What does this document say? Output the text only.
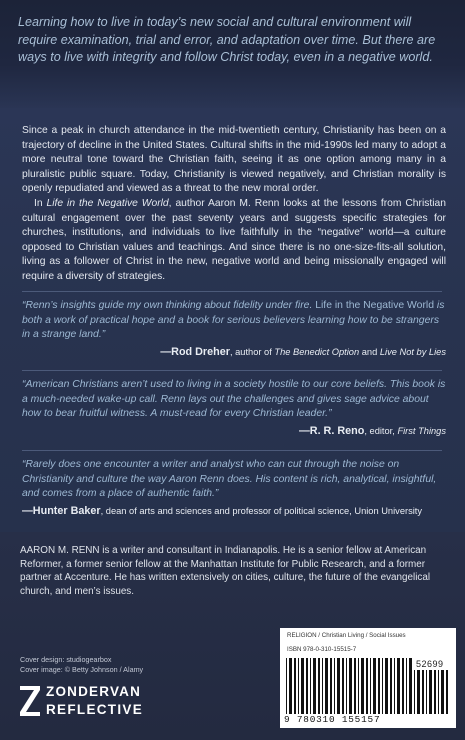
Learning how to live in today’s new social and cultural environment will require examination, trial and error, and adaptation over time. But there are ways to live with integrity and follow Christ today, even in a negative world.

Since a peak in church attendance in the mid-twentieth century, Christianity has been on a trajectory of decline in the United States. Cultural shifts in the mid-1990s led many to adopt a more neutral tone toward the Christian faith, seeing it as one option among many in a pluralistic public square. Today, Christianity is viewed negatively, and Christian morality is openly repudiated and viewed as a threat to the new moral order.

In Life in the Negative World, author Aaron M. Renn looks at the lessons from Christian cultural engagement over the past seventy years and suggests specific strategies for churches, institutions, and individuals to live faithfully in the “negative” world—a culture opposed to Christian values and teachings. And since there is no one-size-fits-all solution, living as a follower of Christ in the new, negative world and being missionally engaged will require a diversity of strategies.

“Renn’s insights guide my own thinking about fidelity under fire. Life in the Negative World is both a work of practical hope and a book for serious believers learning how to be strangers in a strange land.”

—Rod Dreher, author of The Benedict Option and Live Not by Lies

“American Christians aren’t used to living in a society hostile to our core beliefs. This book is a much-needed wake-up call. Renn lays out the challenges and gives sage advice about how to bear fruitful witness. A must-read for every Christian leader.”

—R. R. Reno, editor, First Things

“Rarely does one encounter a writer and analyst who can cut through the noise on Christianity and culture the way Aaron Renn does. His content is rich, analytical, insightful, and comes from a place of authentic faith.”

—Hunter Baker, dean of arts and sciences and professor of political science, Union University

AARON M. RENN is a writer and consultant in Indianapolis. He is a senior fellow at American Reformer, a former senior fellow at the Manhattan Institute for Public Research, and a former partner at Accenture. He has written extensively on cities, culture, the future of the evangelical church, and men’s issues.

Cover design: studiogearbox
Cover image: © Betty Johnson / Alamy
ZONDERVAN
REFLECTIVE
RELIGION / Christian Living / Social Issues
ISBN 978-0-310-15515-7
52699
9 780310 155157
